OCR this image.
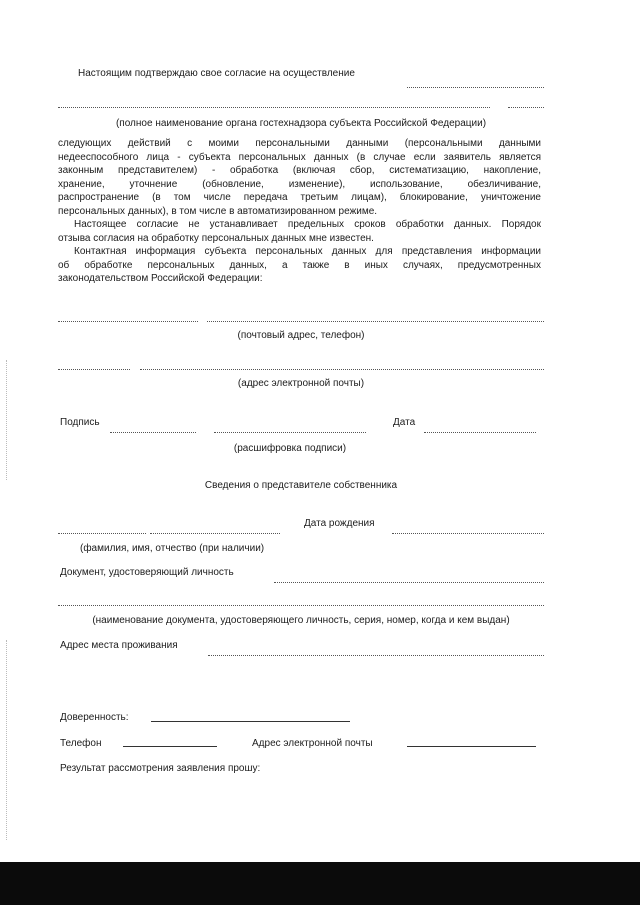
Настоящим подтверждаю свое согласие на осуществление
(полное наименование органа гостехнадзора субъекта Российской Федерации)
следующих действий с моими персональными данными (персональными данными
недееспособного лица - субъекта персональных данных (в случае если заявитель является
законным представителем) - обработка (включая сбор, систематизацию, накопление,
хранение, уточнение (обновление, изменение), использование, обезличивание,
распространение (в том числе передача третьим лицам), блокирование, уничтожение
персональных данных), в том числе в автоматизированном режиме.
Настоящее согласие не устанавливает предельных сроков обработки данных. Порядок
отзыва согласия на обработку персональных данных мне известен.
Контактная информация субъекта персональных данных для представления информации
об обработке персональных данных, а также в иных случаях, предусмотренных
законодательством Российской Федерации:
(почтовый адрес, телефон)
(адрес электронной почты)
Подпись	Дата
(расшифровка подписи)
Сведения о представителе собственника
Дата рождения
(фамилия, имя, отчество (при наличии)
Документ, удостоверяющий личность
(наименование документа, удостоверяющего личность, серия, номер, когда и кем выдан)
Адрес места проживания
Доверенность:
Телефон	Адрес электронной почты
Результат рассмотрения заявления прошу:
